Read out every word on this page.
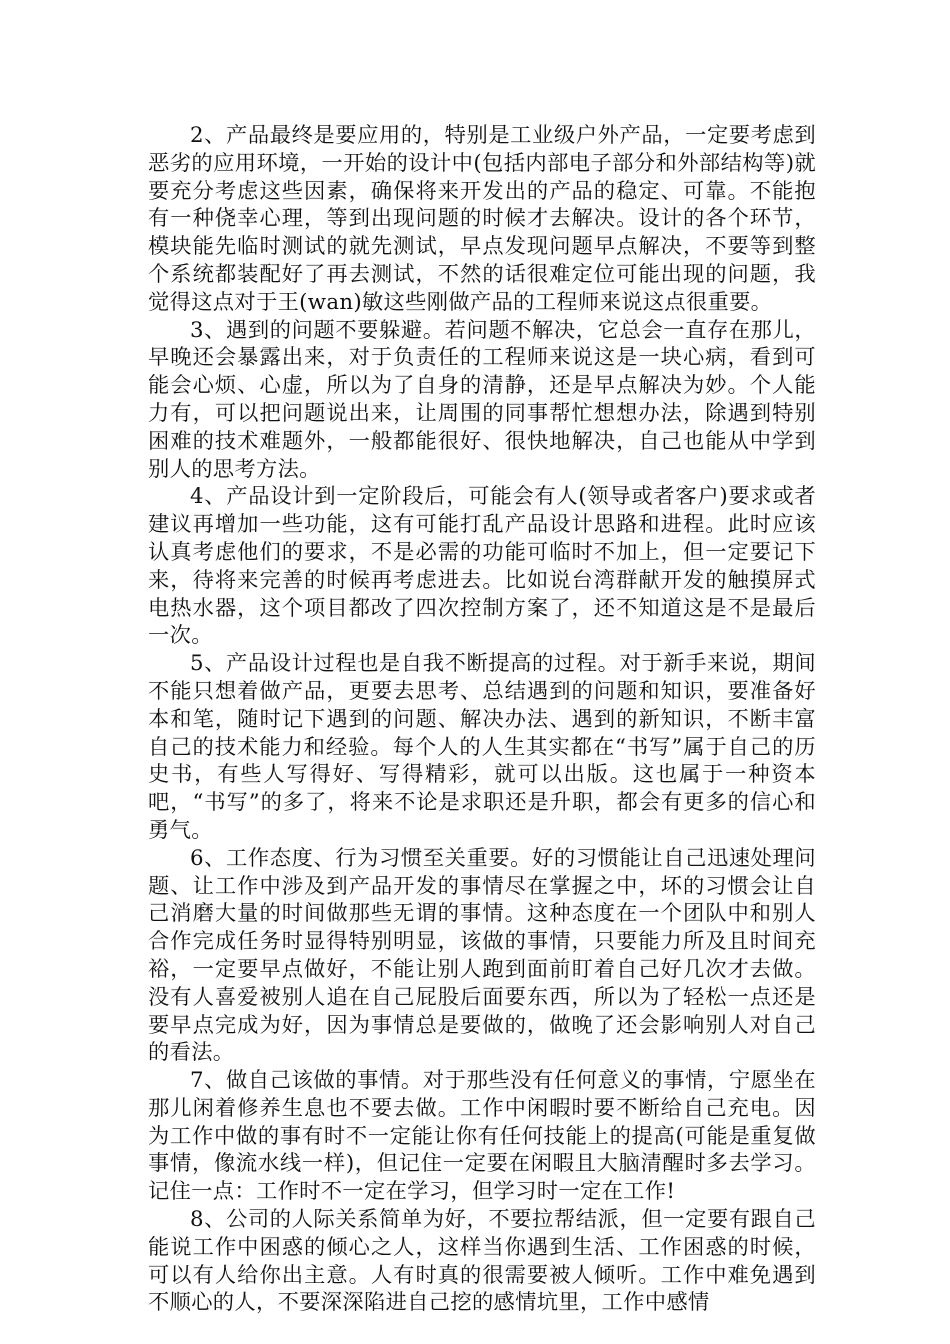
2、产品最终是要应用的，特别是工业级户外产品，一定要考虑到恶劣的应用环境，一开始的设计中(包括内部电子部分和外部结构等)就要充分考虑这些因素，确保将来开发出的产品的稳定、可靠。不能抱有一种侥幸心理，等到出现问题的时候才去解决。设计的各个环节，模块能先临时测试的就先测试，早点发现问题早点解决，不要等到整个系统都装配好了再去测试，不然的话很难定位可能出现的问题，我觉得这点对于王(wan)敏这些刚做产品的工程师来说这点很重要。

3、遇到的问题不要躲避。若问题不解决，它总会一直存在那儿，早晚还会暴露出来，对于负责任的工程师来说这是一块心病，看到可能会心烦、心虚，所以为了自身的清静，还是早点解决为妙。个人能力有，可以把问题说出来，让周围的同事帮忙想想办法，除遇到特别困难的技术难题外，一般都能很好、很快地解决，自己也能从中学到别人的思考方法。

4、产品设计到一定阶段后，可能会有人(领导或者客户)要求或者建议再增加一些功能，这有可能打乱产品设计思路和进程。此时应该认真考虑他们的要求，不是必需的功能可临时不加上，但一定要记下来，待将来完善的时候再考虑进去。比如说台湾群献开发的触摸屏式电热水器，这个项目都改了四次控制方案了，还不知道这是不是最后一次。

5、产品设计过程也是自我不断提高的过程。对于新手来说，期间不能只想着做产品，更要去思考、总结遇到的问题和知识，要准备好本和笔，随时记下遇到的问题、解决办法、遇到的新知识，不断丰富自己的技术能力和经验。每个人的人生其实都在“书写”属于自己的历史书，有些人写得好、写得精彩，就可以出版。这也属于一种资本吧，“书写”的多了，将来不论是求职还是升职，都会有更多的信心和勇气。

6、工作态度、行为习惯至关重要。好的习惯能让自己迅速处理问题、让工作中涉及到产品开发的事情尽在掌握之中，坏的习惯会让自己消磨大量的时间做那些无谓的事情。这种态度在一个团队中和别人合作完成任务时显得特别明显，该做的事情，只要能力所及且时间充裕，一定要早点做好，不能让别人跑到面前盯着自己好几次才去做。没有人喜爱被别人追在自己屁股后面要东西，所以为了轻松一点还是要早点完成为好，因为事情总是要做的，做晚了还会影响别人对自己的看法。

7、做自己该做的事情。对于那些没有任何意义的事情，宁愿坐在那儿闲着修养生息也不要去做。工作中闲暇时要不断给自己充电。因为工作中做的事有时不一定能让你有任何技能上的提高(可能是重复做事情，像流水线一样)，但记住一定要在闲暇且大脑清醒时多去学习。记住一点：工作时不一定在学习，但学习时一定在工作!

8、公司的人际关系简单为好，不要拉帮结派，但一定要有跟自己能说工作中困惑的倾心之人，这样当你遇到生活、工作困惑的时候，可以有人给你出主意。人有时真的很需要被人倾听。工作中难免遇到不顺心的人，不要深深陷进自己挖的感情坑里，工作中感情
